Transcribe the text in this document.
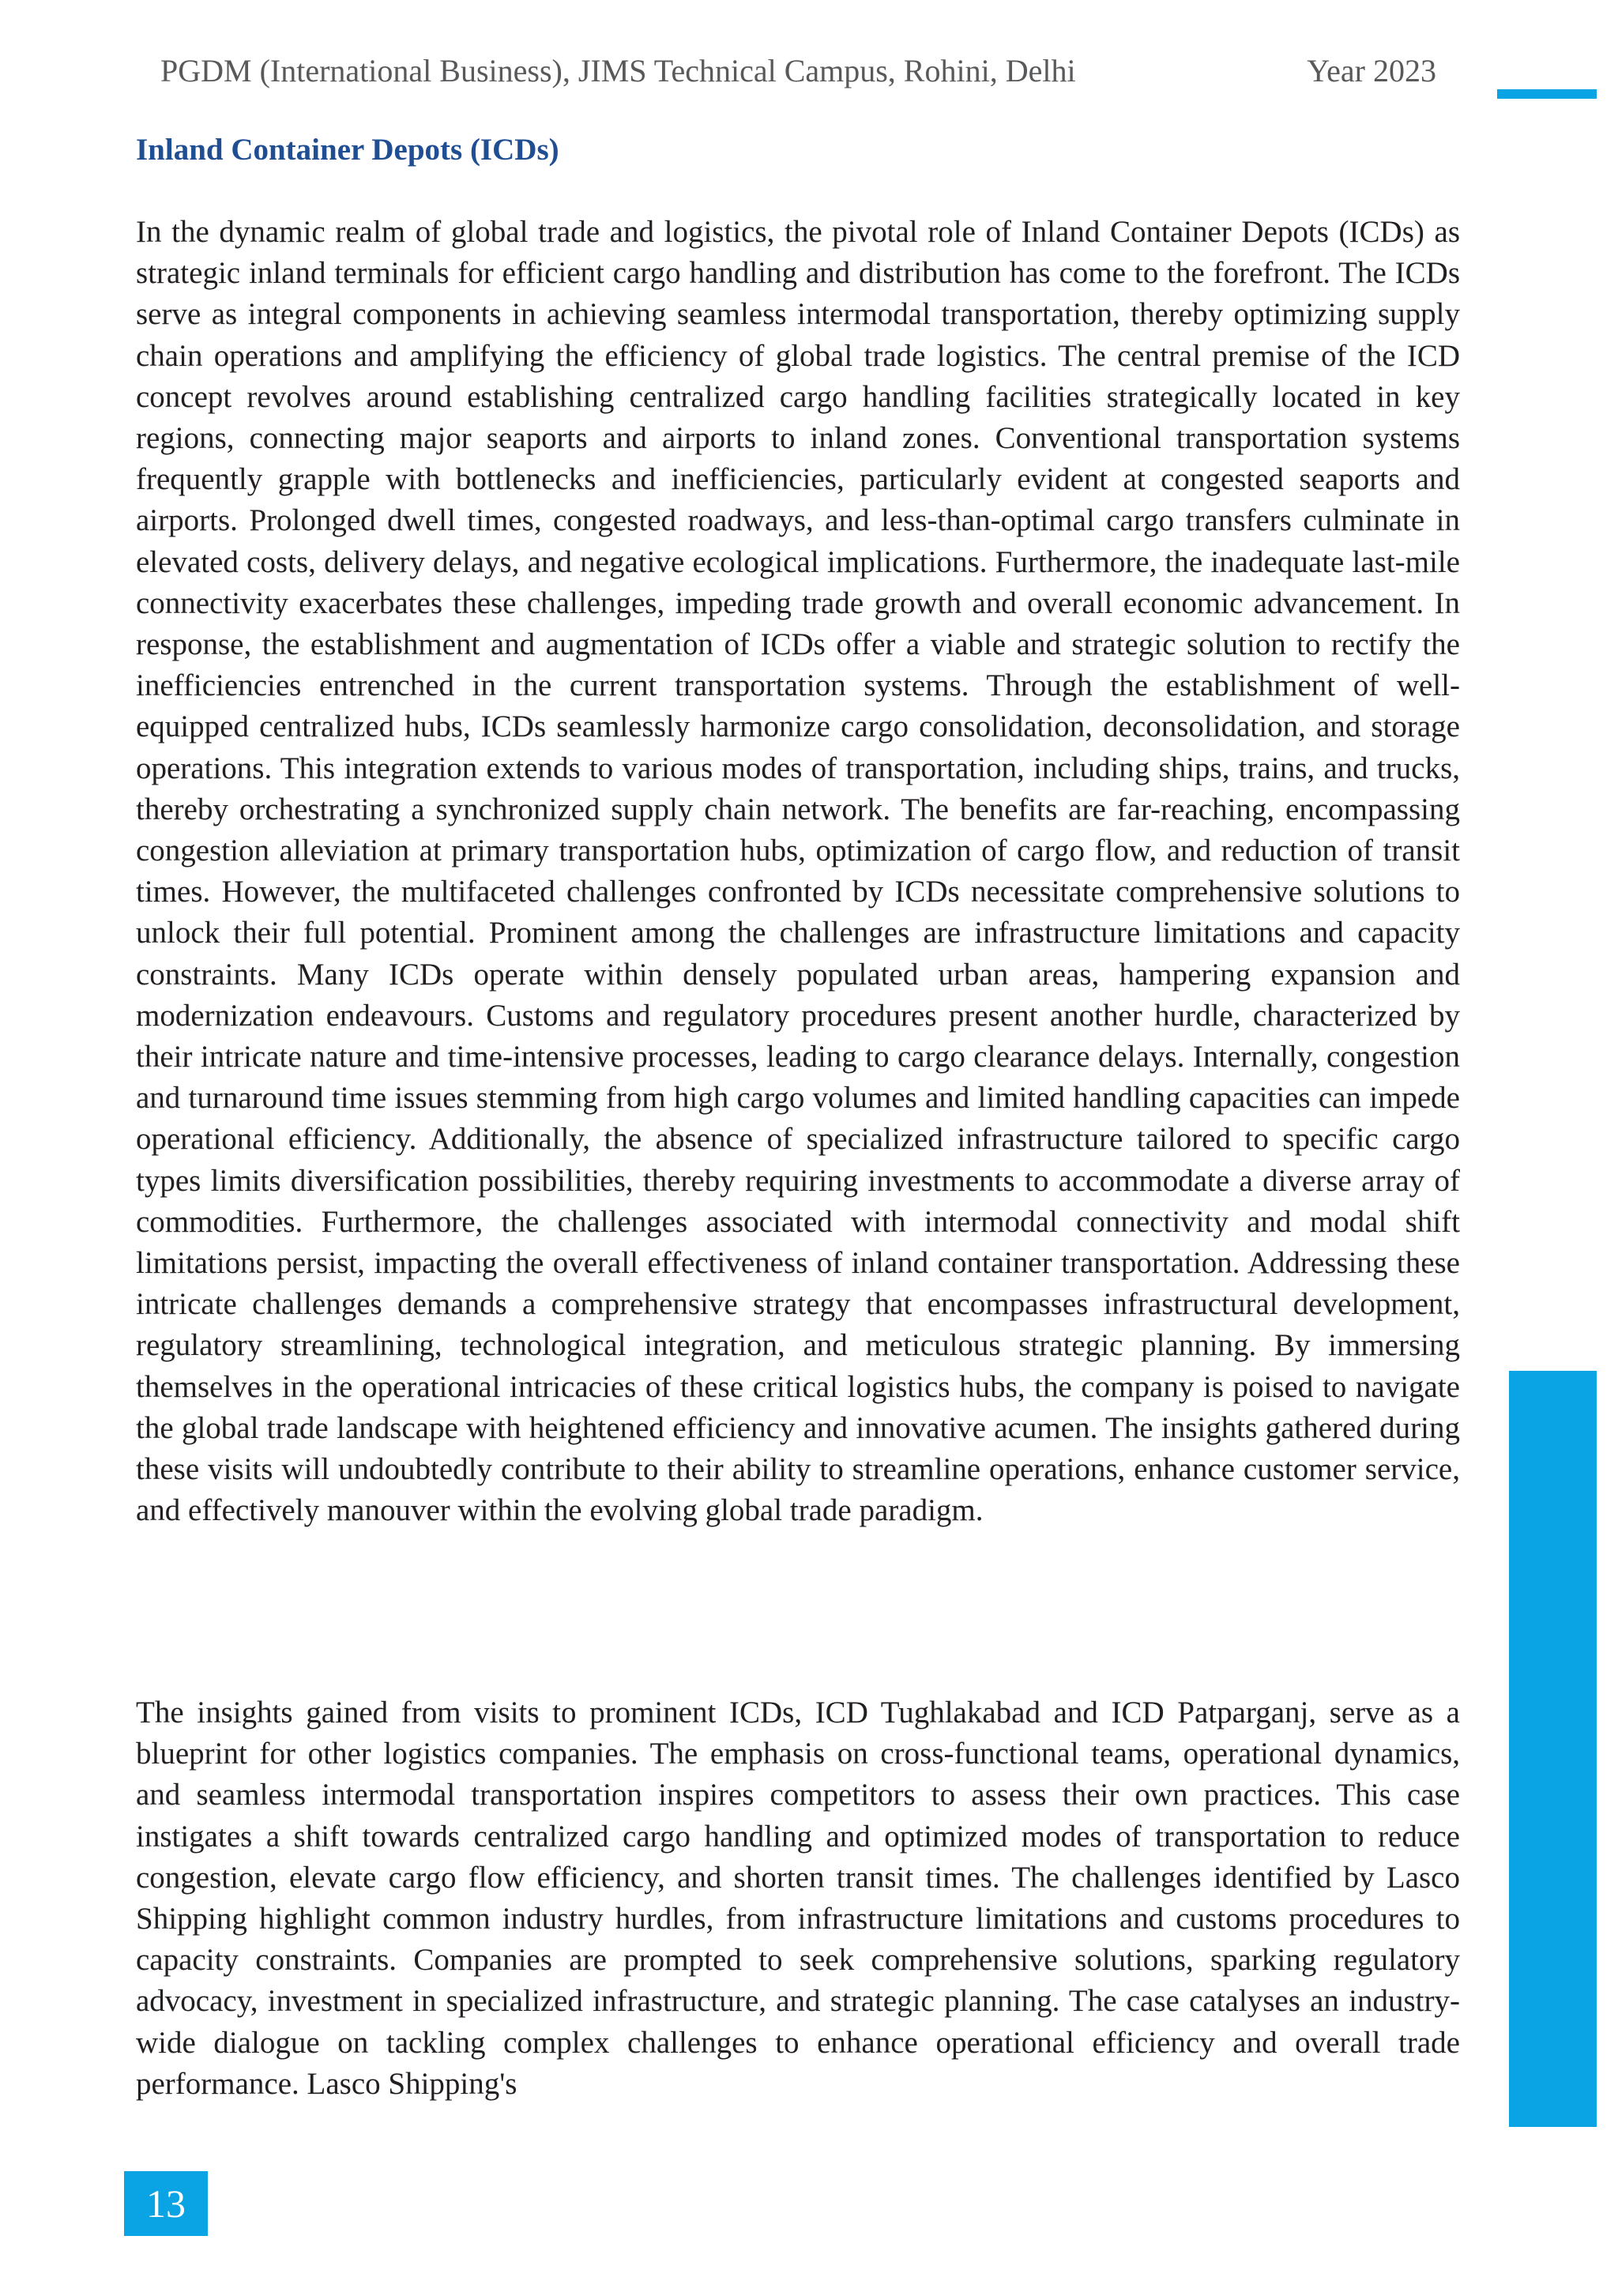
PGDM (International Business), JIMS Technical Campus, Rohini, Delhi	Year 2023
Inland Container Depots (ICDs)

In the dynamic realm of global trade and logistics, the pivotal role of Inland Container Depots (ICDs) as strategic inland terminals for efficient cargo handling and distribution has come to the forefront. The ICDs serve as integral components in achieving seamless intermodal transportation, thereby optimizing supply chain operations and amplifying the efficiency of global trade logistics. The central premise of the ICD concept revolves around establishing centralized cargo handling facilities strategically located in key regions, connecting major seaports and airports to inland zones. Conventional transportation systems frequently grapple with bottlenecks and inefficiencies, particularly evident at congested seaports and airports. Prolonged dwell times, congested roadways, and less-than-optimal cargo transfers culminate in elevated costs, delivery delays, and negative ecological implications. Furthermore, the inadequate last-mile connectivity exacerbates these challenges, impeding trade growth and overall economic advancement. In response, the establishment and augmentation of ICDs offer a viable and strategic solution to rectify the inefficiencies entrenched in the current transportation systems. Through the establishment of well-equipped centralized hubs, ICDs seamlessly harmonize cargo consolidation, deconsolidation, and storage operations. This integration extends to various modes of transportation, including ships, trains, and trucks, thereby orchestrating a synchronized supply chain network. The benefits are far-reaching, encompassing congestion alleviation at primary transportation hubs, optimization of cargo flow, and reduction of transit times. However, the multifaceted challenges confronted by ICDs necessitate comprehensive solutions to unlock their full potential. Prominent among the challenges are infrastructure limitations and capacity constraints. Many ICDs operate within densely populated urban areas, hampering expansion and modernization endeavours. Customs and regulatory procedures present another hurdle, characterized by their intricate nature and time-intensive processes, leading to cargo clearance delays. Internally, congestion and turnaround time issues stemming from high cargo volumes and limited handling capacities can impede operational efficiency. Additionally, the absence of specialized infrastructure tailored to specific cargo types limits diversification possibilities, thereby requiring investments to accommodate a diverse array of commodities. Furthermore, the challenges associated with intermodal connectivity and modal shift limitations persist, impacting the overall effectiveness of inland container transportation. Addressing these intricate challenges demands a comprehensive strategy that encompasses infrastructural development, regulatory streamlining, technological integration, and meticulous strategic planning. By immersing themselves in the operational intricacies of these critical logistics hubs, the company is poised to navigate the global trade landscape with heightened efficiency and innovative acumen. The insights gathered during these visits will undoubtedly contribute to their ability to streamline operations, enhance customer service, and effectively manouver within the evolving global trade paradigm.

The insights gained from visits to prominent ICDs, ICD Tughlakabad and ICD Patparganj, serve as a blueprint for other logistics companies. The emphasis on cross-functional teams, operational dynamics, and seamless intermodal transportation inspires competitors to assess their own practices. This case instigates a shift towards centralized cargo handling and optimized modes of transportation to reduce congestion, elevate cargo flow efficiency, and shorten transit times. The challenges identified by Lasco Shipping highlight common industry hurdles, from infrastructure limitations and customs procedures to capacity constraints. Companies are prompted to seek comprehensive solutions, sparking regulatory advocacy, investment in specialized infrastructure, and strategic planning. The case catalyses an industry-wide dialogue on tackling complex challenges to enhance operational efficiency and overall trade performance. Lasco Shipping's

13
